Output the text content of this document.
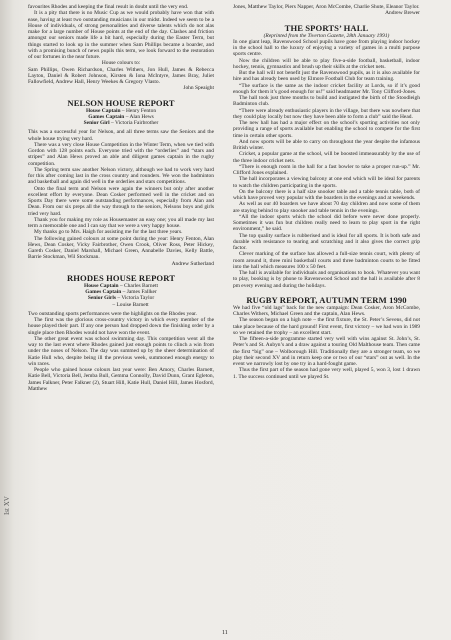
favourites Rhodes and keeping the final result in doubt until the very end.

It is a pity that there is no Music Cup as we would probably have won that with ease, having at least two outstanding musicians in our midst. Indeed we seem to be a House of individuals, of strong personalities and diverse talents which do not alas make for a large number of House points at the end of the day. Clashes and friction amongst our seniors made life a bit hard, especially during the Easter Term, but things started to look up in the summer when Sam Phillips became a boarder, and with a promising bunch of news pupils this term, we look forward to the restoration of our fortunes in the near future.

House colours to:

Sam Phillips, Owen Richardson, Charles Withers, Jon Hull, James & Rebecca Layton, Daniel & Robert Johnson, Kirsten & Iona McIntyre, James Bray, Juliet Fallowfield, Andrew Hall, Henry Weekes & Gregory Vlasto.

John Speaight

NELSON HOUSE REPORT
House Captain – Henry Fenton
Games Captain – Alan Hews
Senior Girl – Victoria Fairbrother

This was a successful year for Nelson, and all three terms saw the Seniors and the whole house trying very hard.

There was a very close House Competition in the Winter Term, when we tied with Gordon with 128 points each. Everyone tried with the “orderlies” and “stars and stripes” and Alan Hews proved an able and diligent games captain in the rugby competition.

The Spring term saw another Nelson victory, although we had to work very hard for this after coming last in the cross country and rounders. We won the badminton and basketball and again did well in the orderlies and stars competitions.

Onto the final term and Nelson were again the winners but only after another excellent effort by everyone. Dean Cosker performed well in the cricket and on Sports Day there were some outstanding performances, especially from Alan and Dean. From our six preps all the way through to the seniors, Nelsons boys and girls tried very hard.

Thank you for making my role as Housemaster an easy one; you all made my last term a memorable one and I can say that we were a very happy house.

My thanks go to Mrs. Haigh for assisting me for the last three years.

The following gained colours at some point during the year: Henry Fenton, Alan Hews, Dean Cosker, Vicky Fairbrother, Owen Crook, Oliver Ross, Peter Hickey, Gareth Cosker, Daniel Marshall, Michael Green, Annabelle Davies, Kelly Battle, Barrie Stockman, Wil Stockman.

Andrew Sutherland

RHODES HOUSE REPORT
House Captain – Charles Barnett
Games Captain – James Fallker
Senior Girls – Victoria Taylor
– Louise Barnett

Two outstanding sports performances were the highlights on the Rhodes year.

The first was the glorious cross-country victory in which every member of the house played their part. If any one person had dropped down the finishing order by a single place then Rhodes would not have won the event.

The other great event was school swimming day. This competition went all the way to the last event where Rhodes gained just enough points to clinch a win from under the noses of Nelson. The day was summed up by the sheer determination of Katie Hull who, despite being ill the previous week, summoned enough energy to win races.

People who gained house colours last year were: Ben Amory, Charles Barnett, Katie Bell, Victoria Bell, Jemba Bull, Gemma Connolly, David Dunn, Grant Egleton, James Falkner, Peter Falkner (2), Stuart Hill, Katie Hull, Daniel Hill, James Hosford, Matthew

Jones, Matthew Taylor, Piers Napper, Aron McCombe, Charlie Shute, Eleanor Taylor.

Andrew Brewer

THE SPORTS’ HALL
(Reprinted from the Tiverton Gazette, 28th January 1991)

In one giant leap, Ravenswood School pupils have gone from playing indoor hockey in the school hall to the luxury of enjoying a variety of games in a multi purpose sports centre.

Now the children will be able to play five-a-side football, basketball, indoor hockey, tennis, gymnastics and brush up their skills at the cricket nets.

But the hall will not benefit just the Ravenswood pupils, as it is also available for hire and has already been used by Elmore Football Club for team training.

“The surface is the same as the indoor cricket facility at Lords, so if it’s good enough for them it’s good enough for us!” said headmaster Mr. Tony Clifford-Jones.

The hall took just three months to build and instigated the birth of the Stoodleigh Badminton club.

“There were already enthusiastic players in the village, but there was nowhere that they could play locally but now they have been able to form a club” said the Head.

The new hall has had a major effect on the school’s sporting activities not only providing a range of sports available but enabling the school to compete for the first time in certain other sports.

And now sports will be able to carry on throughout the year despite the infamous British winter.

Cricket, a popular game at the school, will be boosted immeasurably by the use of the three indoor cricket nets.

“There is enough room in the hall for a fast bowler to take a proper run-up.” Mr. Clifford Jones explained.

The hall incorporates a viewing balcony at one end which will be ideal for parents to watch the children participating in the sports.

On the balcony there is a half size snooker table and a table tennis table, both of which have proved very popular with the boarders in the evenings and at weekends.

As well as our 40 boarders we have about 70 day children and now some of them are staying behind to play snooker and table tennis in the evenings.

“All the indoor sports which the school did before were never done properly. Sometimes it was fun but children really need to learn to play sport in the right environment,” he said.

The top quality surface is rubberised and is ideal for all sports. It is both safe and durable with resistance to tearing and scratching and it also gives the correct grip factor.

Clever marking of the surface has allowed a full-size tennis court, with plenty of room around it, three mini basketball courts and three badminton courts to be fitted into the hall which measures 100 x 50 feet.

The hall is available for individuals and organisations to book. Whatever you want to play, booking is by phone to Ravenswood School and the hall is available after 8 pm every evening and during the holidays.

RUGBY REPORT, AUTUMN TERM 1990

We had five “old lags” back for the new campaign: Dean Cosker, Aron McCombe, Charles Withers, Michael Green and the captain, Alan Hews.

The season began on a high note – the first fixture, the St. Peter’s Sevens, did not take place because of the hard ground! First event, first victory – we had won in 1989 so we retained the trophy – an excellent start.

The fifteen-a-side programme started very well with wins against St. John’s, St. Peter’s and St. Aubyn’s and a draw against a touring Old Malthouse team. Then came the first “big” one – Wolborough Hill. Traditionally they are a stronger team, so we play their second XV and in return keep one or two of our “stars” out as well. In the event we narrowly lost by one try in a hard-fought game.

Thus the first part of the season had gone very well, played 5, won 3, lost 1 drawn 1. The success continued until we played St.

Ist XV
11
